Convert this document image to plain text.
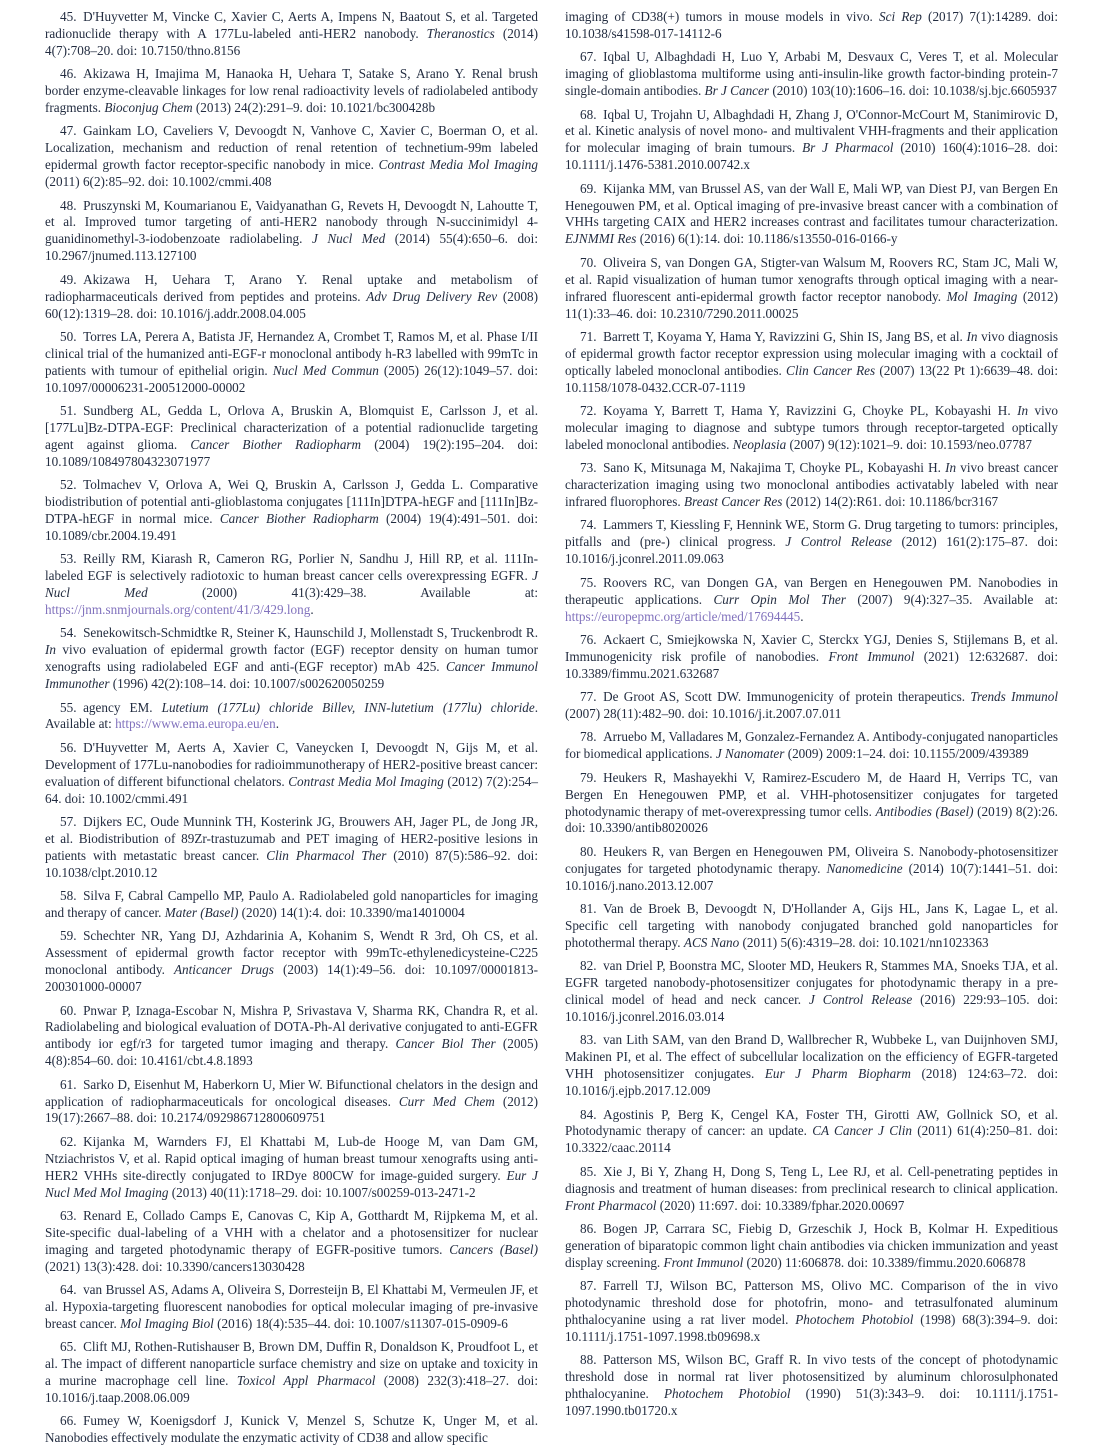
45. D'Huyvetter M, Vincke C, Xavier C, Aerts A, Impens N, Baatout S, et al. Targeted radionuclide therapy with A 177Lu-labeled anti-HER2 nanobody. Theranostics (2014) 4(7):708–20. doi: 10.7150/thno.8156

46. Akizawa H, Imajima M, Hanaoka H, Uehara T, Satake S, Arano Y. Renal brush border enzyme-cleavable linkages for low renal radioactivity levels of radiolabeled antibody fragments. Bioconjug Chem (2013) 24(2):291–9. doi: 10.1021/bc300428b

47. Gainkam LO, Caveliers V, Devoogdt N, Vanhove C, Xavier C, Boerman O, et al. Localization, mechanism and reduction of renal retention of technetium-99m labeled epidermal growth factor receptor-specific nanobody in mice. Contrast Media Mol Imaging (2011) 6(2):85–92. doi: 10.1002/cmmi.408

48. Pruszynski M, Koumarianou E, Vaidyanathan G, Revets H, Devoogdt N, Lahoutte T, et al. Improved tumor targeting of anti-HER2 nanobody through N-succinimidyl 4-guanidinomethyl-3-iodobenzoate radiolabeling. J Nucl Med (2014) 55(4):650–6. doi: 10.2967/jnumed.113.127100

49. Akizawa H, Uehara T, Arano Y. Renal uptake and metabolism of radiopharmaceuticals derived from peptides and proteins. Adv Drug Delivery Rev (2008) 60(12):1319–28. doi: 10.1016/j.addr.2008.04.005

50. Torres LA, Perera A, Batista JF, Hernandez A, Crombet T, Ramos M, et al. Phase I/II clinical trial of the humanized anti-EGF-r monoclonal antibody h-R3 labelled with 99mTc in patients with tumour of epithelial origin. Nucl Med Commun (2005) 26(12):1049–57. doi: 10.1097/00006231-200512000-00002

51. Sundberg AL, Gedda L, Orlova A, Bruskin A, Blomquist E, Carlsson J, et al. [177Lu]Bz-DTPA-EGF: Preclinical characterization of a potential radionuclide targeting agent against glioma. Cancer Biother Radiopharm (2004) 19(2):195–204. doi: 10.1089/108497804323071977

52. Tolmachev V, Orlova A, Wei Q, Bruskin A, Carlsson J, Gedda L. Comparative biodistribution of potential anti-glioblastoma conjugates [111In]DTPA-hEGF and [111In]Bz-DTPA-hEGF in normal mice. Cancer Biother Radiopharm (2004) 19(4):491–501. doi: 10.1089/cbr.2004.19.491

53. Reilly RM, Kiarash R, Cameron RG, Porlier N, Sandhu J, Hill RP, et al. 111In-labeled EGF is selectively radiotoxic to human breast cancer cells overexpressing EGFR. J Nucl Med (2000) 41(3):429–38. Available at: https://jnm.snmjournals.org/content/41/3/429.long.

54. Senekowitsch-Schmidtke R, Steiner K, Haunschild J, Mollenstadt S, Truckenbrodt R. In vivo evaluation of epidermal growth factor (EGF) receptor density on human tumor xenografts using radiolabeled EGF and anti-(EGF receptor) mAb 425. Cancer Immunol Immunother (1996) 42(2):108–14. doi: 10.1007/s002620050259

55. agency EM. Lutetium (177Lu) chloride Billev, INN-lutetium (177lu) chloride. Available at: https://www.ema.europa.eu/en.

56. D'Huyvetter M, Aerts A, Xavier C, Vaneycken I, Devoogdt N, Gijs M, et al. Development of 177Lu-nanobodies for radioimmunotherapy of HER2-positive breast cancer: evaluation of different bifunctional chelators. Contrast Media Mol Imaging (2012) 7(2):254–64. doi: 10.1002/cmmi.491

57. Dijkers EC, Oude Munnink TH, Kosterink JG, Brouwers AH, Jager PL, de Jong JR, et al. Biodistribution of 89Zr-trastuzumab and PET imaging of HER2-positive lesions in patients with metastatic breast cancer. Clin Pharmacol Ther (2010) 87(5):586–92. doi: 10.1038/clpt.2010.12

58. Silva F, Cabral Campello MP, Paulo A. Radiolabeled gold nanoparticles for imaging and therapy of cancer. Mater (Basel) (2020) 14(1):4. doi: 10.3390/ma14010004

59. Schechter NR, Yang DJ, Azhdarinia A, Kohanim S, Wendt R 3rd, Oh CS, et al. Assessment of epidermal growth factor receptor with 99mTc-ethylenedicysteine-C225 monoclonal antibody. Anticancer Drugs (2003) 14(1):49–56. doi: 10.1097/00001813-200301000-00007

60. Pnwar P, Iznaga-Escobar N, Mishra P, Srivastava V, Sharma RK, Chandra R, et al. Radiolabeling and biological evaluation of DOTA-Ph-Al derivative conjugated to anti-EGFR antibody ior egf/r3 for targeted tumor imaging and therapy. Cancer Biol Ther (2005) 4(8):854–60. doi: 10.4161/cbt.4.8.1893

61. Sarko D, Eisenhut M, Haberkorn U, Mier W. Bifunctional chelators in the design and application of radiopharmaceuticals for oncological diseases. Curr Med Chem (2012) 19(17):2667–88. doi: 10.2174/092986712800609751

62. Kijanka M, Warnders FJ, El Khattabi M, Lub-de Hooge M, van Dam GM, Ntziachristos V, et al. Rapid optical imaging of human breast tumour xenografts using anti-HER2 VHHs site-directly conjugated to IRDye 800CW for image-guided surgery. Eur J Nucl Med Mol Imaging (2013) 40(11):1718–29. doi: 10.1007/s00259-013-2471-2

63. Renard E, Collado Camps E, Canovas C, Kip A, Gotthardt M, Rijpkema M, et al. Site-specific dual-labeling of a VHH with a chelator and a photosensitizer for nuclear imaging and targeted photodynamic therapy of EGFR-positive tumors. Cancers (Basel) (2021) 13(3):428. doi: 10.3390/cancers13030428

64. van Brussel AS, Adams A, Oliveira S, Dorresteijn B, El Khattabi M, Vermeulen JF, et al. Hypoxia-targeting fluorescent nanobodies for optical molecular imaging of pre-invasive breast cancer. Mol Imaging Biol (2016) 18(4):535–44. doi: 10.1007/s11307-015-0909-6

65. Clift MJ, Rothen-Rutishauser B, Brown DM, Duffin R, Donaldson K, Proudfoot L, et al. The impact of different nanoparticle surface chemistry and size on uptake and toxicity in a murine macrophage cell line. Toxicol Appl Pharmacol (2008) 232(3):418–27. doi: 10.1016/j.taap.2008.06.009

66. Fumey W, Koenigsdorf J, Kunick V, Menzel S, Schutze K, Unger M, et al. Nanobodies effectively modulate the enzymatic activity of CD38 and allow specific

imaging of CD38(+) tumors in mouse models in vivo. Sci Rep (2017) 7(1):14289. doi: 10.1038/s41598-017-14112-6

67. Iqbal U, Albaghdadi H, Luo Y, Arbabi M, Desvaux C, Veres T, et al. Molecular imaging of glioblastoma multiforme using anti-insulin-like growth factor-binding protein-7 single-domain antibodies. Br J Cancer (2010) 103(10):1606–16. doi: 10.1038/sj.bjc.6605937

68. Iqbal U, Trojahn U, Albaghdadi H, Zhang J, O'Connor-McCourt M, Stanimirovic D, et al. Kinetic analysis of novel mono- and multivalent VHH-fragments and their application for molecular imaging of brain tumours. Br J Pharmacol (2010) 160(4):1016–28. doi: 10.1111/j.1476-5381.2010.00742.x

69. Kijanka MM, van Brussel AS, van der Wall E, Mali WP, van Diest PJ, van Bergen En Henegouwen PM, et al. Optical imaging of pre-invasive breast cancer with a combination of VHHs targeting CAIX and HER2 increases contrast and facilitates tumour characterization. EJNMMI Res (2016) 6(1):14. doi: 10.1186/s13550-016-0166-y

70. Oliveira S, van Dongen GA, Stigter-van Walsum M, Roovers RC, Stam JC, Mali W, et al. Rapid visualization of human tumor xenografts through optical imaging with a near-infrared fluorescent anti-epidermal growth factor receptor nanobody. Mol Imaging (2012) 11(1):33–46. doi: 10.2310/7290.2011.00025

71. Barrett T, Koyama Y, Hama Y, Ravizzini G, Shin IS, Jang BS, et al. In vivo diagnosis of epidermal growth factor receptor expression using molecular imaging with a cocktail of optically labeled monoclonal antibodies. Clin Cancer Res (2007) 13(22 Pt 1):6639–48. doi: 10.1158/1078-0432.CCR-07-1119

72. Koyama Y, Barrett T, Hama Y, Ravizzini G, Choyke PL, Kobayashi H. In vivo molecular imaging to diagnose and subtype tumors through receptor-targeted optically labeled monoclonal antibodies. Neoplasia (2007) 9(12):1021–9. doi: 10.1593/neo.07787

73. Sano K, Mitsunaga M, Nakajima T, Choyke PL, Kobayashi H. In vivo breast cancer characterization imaging using two monoclonal antibodies activatably labeled with near infrared fluorophores. Breast Cancer Res (2012) 14(2):R61. doi: 10.1186/bcr3167

74. Lammers T, Kiessling F, Hennink WE, Storm G. Drug targeting to tumors: principles, pitfalls and (pre-) clinical progress. J Control Release (2012) 161(2):175–87. doi: 10.1016/j.jconrel.2011.09.063

75. Roovers RC, van Dongen GA, van Bergen en Henegouwen PM. Nanobodies in therapeutic applications. Curr Opin Mol Ther (2007) 9(4):327–35. Available at: https://europepmc.org/article/med/17694445.

76. Ackaert C, Smiejkowska N, Xavier C, Sterckx YGJ, Denies S, Stijlemans B, et al. Immunogenicity risk profile of nanobodies. Front Immunol (2021) 12:632687. doi: 10.3389/fimmu.2021.632687

77. De Groot AS, Scott DW. Immunogenicity of protein therapeutics. Trends Immunol (2007) 28(11):482–90. doi: 10.1016/j.it.2007.07.011

78. Arruebo M, Valladares M, Gonzalez-Fernandez A. Antibody-conjugated nanoparticles for biomedical applications. J Nanomater (2009) 2009:1–24. doi: 10.1155/2009/439389

79. Heukers R, Mashayekhi V, Ramirez-Escudero M, de Haard H, Verrips TC, van Bergen En Henegouwen PMP, et al. VHH-photosensitizer conjugates for targeted photodynamic therapy of met-overexpressing tumor cells. Antibodies (Basel) (2019) 8(2):26. doi: 10.3390/antib8020026

80. Heukers R, van Bergen en Henegouwen PM, Oliveira S. Nanobody-photosensitizer conjugates for targeted photodynamic therapy. Nanomedicine (2014) 10(7):1441–51. doi: 10.1016/j.nano.2013.12.007

81. Van de Broek B, Devoogdt N, D'Hollander A, Gijs HL, Jans K, Lagae L, et al. Specific cell targeting with nanobody conjugated branched gold nanoparticles for photothermal therapy. ACS Nano (2011) 5(6):4319–28. doi: 10.1021/nn1023363

82. van Driel P, Boonstra MC, Slooter MD, Heukers R, Stammes MA, Snoeks TJA, et al. EGFR targeted nanobody-photosensitizer conjugates for photodynamic therapy in a pre-clinical model of head and neck cancer. J Control Release (2016) 229:93–105. doi: 10.1016/j.jconrel.2016.03.014

83. van Lith SAM, van den Brand D, Wallbrecher R, Wubbeke L, van Duijnhoven SMJ, Makinen PI, et al. The effect of subcellular localization on the efficiency of EGFR-targeted VHH photosensitizer conjugates. Eur J Pharm Biopharm (2018) 124:63–72. doi: 10.1016/j.ejpb.2017.12.009

84. Agostinis P, Berg K, Cengel KA, Foster TH, Girotti AW, Gollnick SO, et al. Photodynamic therapy of cancer: an update. CA Cancer J Clin (2011) 61(4):250–81. doi: 10.3322/caac.20114

85. Xie J, Bi Y, Zhang H, Dong S, Teng L, Lee RJ, et al. Cell-penetrating peptides in diagnosis and treatment of human diseases: from preclinical research to clinical application. Front Pharmacol (2020) 11:697. doi: 10.3389/fphar.2020.00697

86. Bogen JP, Carrara SC, Fiebig D, Grzeschik J, Hock B, Kolmar H. Expeditious generation of biparatopic common light chain antibodies via chicken immunization and yeast display screening. Front Immunol (2020) 11:606878. doi: 10.3389/fimmu.2020.606878

87. Farrell TJ, Wilson BC, Patterson MS, Olivo MC. Comparison of the in vivo photodynamic threshold dose for photofrin, mono- and tetrasulfonated aluminum phthalocyanine using a rat liver model. Photochem Photobiol (1998) 68(3):394–9. doi: 10.1111/j.1751-1097.1998.tb09698.x

88. Patterson MS, Wilson BC, Graff R. In vivo tests of the concept of photodynamic threshold dose in normal rat liver photosensitized by aluminum chlorosulphonated phthalocyanine. Photochem Photobiol (1990) 51(3):343–9. doi: 10.1111/j.1751-1097.1990.tb01720.x
